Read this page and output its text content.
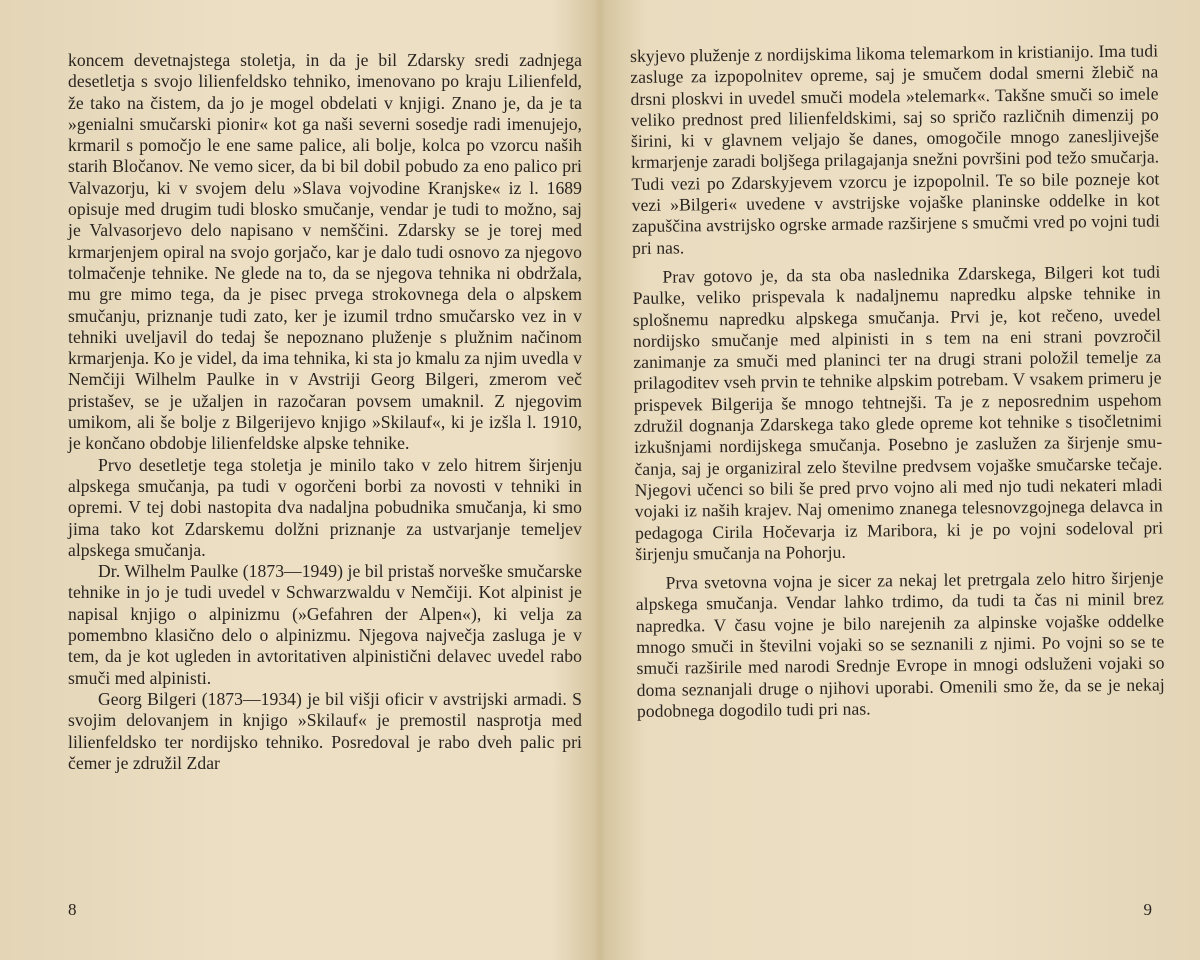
koncem devetnajstega stoletja, in da je bil Zdarsky sredi zadnjega desetletja s svojo lilienfeldsko tehniko, imenovano po kraju Lilienfeld, že tako na čistem, da jo je mogel obdelati v knjigi. Znano je, da je ta »genialni smučarski pionir« kot ga naši severni sosedje radi imenujejo, krmaril s pomočjo le ene same palice, ali bolje, kolca po vzorcu naših starih Bločanov. Ne vemo sicer, da bi bil dobil pobudo za eno palico pri Valvazorju, ki v svojem delu »Slava vojvodine Kranjske« iz l. 1689 opisuje med drugim tudi blosko smučanje, vendar je tudi to možno, saj je Valvasorjevo delo napisano v nemščini. Zdarsky se je torej med krmarjenjem opiral na svojo gorjačo, kar je dalo tudi osnovo za njegovo tolmačenje tehnike. Ne glede na to, da se njegova tehnika ni obdržala, mu gre mimo tega, da je pisec prvega strokovnega dela o alpskem smučanju, priznanje tudi zato, ker je izumil trdno smučarsko vez in v tehniki uveljavil do tedaj še nepoznano pluženje s plužnim načinom krmarjenja. Ko je videl, da ima tehnika, ki sta jo kmalu za njim uvedla v Nemčiji Wilhelm Paulke in v Avstriji Georg Bilgeri, zmerom več pristašev, se je užaljen in razočaran povsem umaknil. Z njegovim umikom, ali še bolje z Bilgerijevo knjigo »Skilauf«, ki je izšla l. 1910, je končano obdobje lilienfeldske alpske tehnike.

Prvo desetletje tega stoletja je minilo tako v zelo hitrem širjenju alpskega smučanja, pa tudi v ogorčeni borbi za novosti v tehniki in opremi. V tej dobi nastopita dva nadaljna pobudnika smučanja, ki smo jima tako kot Zdarskemu dolžni priznanje za ustvarjanje temeljev alpskega smučanja.

Dr. Wilhelm Paulke (1873—1949) je bil pristaš norveške smučarske tehnike in jo je tudi uvedel v Schwarzwaldu v Nemčiji. Kot alpinist je napisal knjigo o alpinizmu (»Gefahren der Alpen«), ki velja za pomembno klasično delo o alpinizmu. Njegova največja zasluga je v tem, da je kot ugleden in avtoritativen alpinistični delavec uvedel rabo smuči med alpinisti.

Georg Bilgeri (1873—1934) je bil višji oficir v avstrijski armadi. S svojim delovanjem in knjigo »Skilauf« je premostil nasprotja med lilienfeldsko ter nordijsko tehniko. Posredoval je rabo dveh palic pri čemer je združil Zdar

8

skyjevo pluženje z nordijskima likoma telemarkom in kristianijo. Ima tudi zasluge za izpopolnitev opreme, saj je smučem dodal smerni žlebič na drsni ploskvi in uvedel smuči modela »telemark«. Takšne smuči so imele veliko prednost pred lilienfeldskimi, saj so spričo različnih dimenzij po širini, ki v glavnem veljajo še danes, omogočile mnogo zanesljivejše krmarjenje zaradi boljšega prilagajanja snežni površini pod težo smučarja. Tudi vezi po Zdarskyjevem vzorcu je izpopolnil. Te so bile pozneje kot vezi »Bilgeri« uvedene v avstrijske vojaške planinske oddelke in kot zapuščina avstrijsko ogrske armade razširjene s smučmi vred po vojni tudi pri nas.

Prav gotovo je, da sta oba naslednika Zdarskega, Bilgeri kot tudi Paulke, veliko prispevala k nadaljnemu napredku alpske tehnike in splošnemu napredku alpskega smučanja. Prvi je, kot rečeno, uvedel nordijsko smučanje med alpinisti in s tem na eni strani povzročil zanimanje za smuči med planinci ter na drugi strani položil temelje za prilagoditev vseh prvin te tehnike alpskim potrebam. V vsakem primeru je prispevek Bilgerija še mnogo tehtnejši. Ta je z neposrednim uspehom združil dognanja Zdarskega tako glede opreme kot tehnike s tisočletnimi izkušnjami nordijskega smučanja. Posebno je zaslužen za širjenje smučanja, saj je organiziral zelo številne predvsem vojaške smučarske tečaje. Njegovi učenci so bili še pred prvo vojno ali med njo tudi nekateri mladi vojaki iz naših krajev. Naj omenimo znanega telesnovzgojnega delavca in pedagoga Cirila Hočevarja iz Maribora, ki je po vojni sodeloval pri širjenju smučanja na Pohorju.

Prva svetovna vojna je sicer za nekaj let pretrgala zelo hitro širjenje alpskega smučanja. Vendar lahko trdimo, da tudi ta čas ni minil brez napredka. V času vojne je bilo narejenih za alpinske vojaške oddelke mnogo smuči in številni vojaki so se seznanili z njimi. Po vojni so se te smuči razširile med narodi Srednje Evrope in mnogi odsluženi vojaki so doma seznanjali druge o njihovi uporabi. Omenili smo že, da se je nekaj podobnega dogodilo tudi pri nas.

9
